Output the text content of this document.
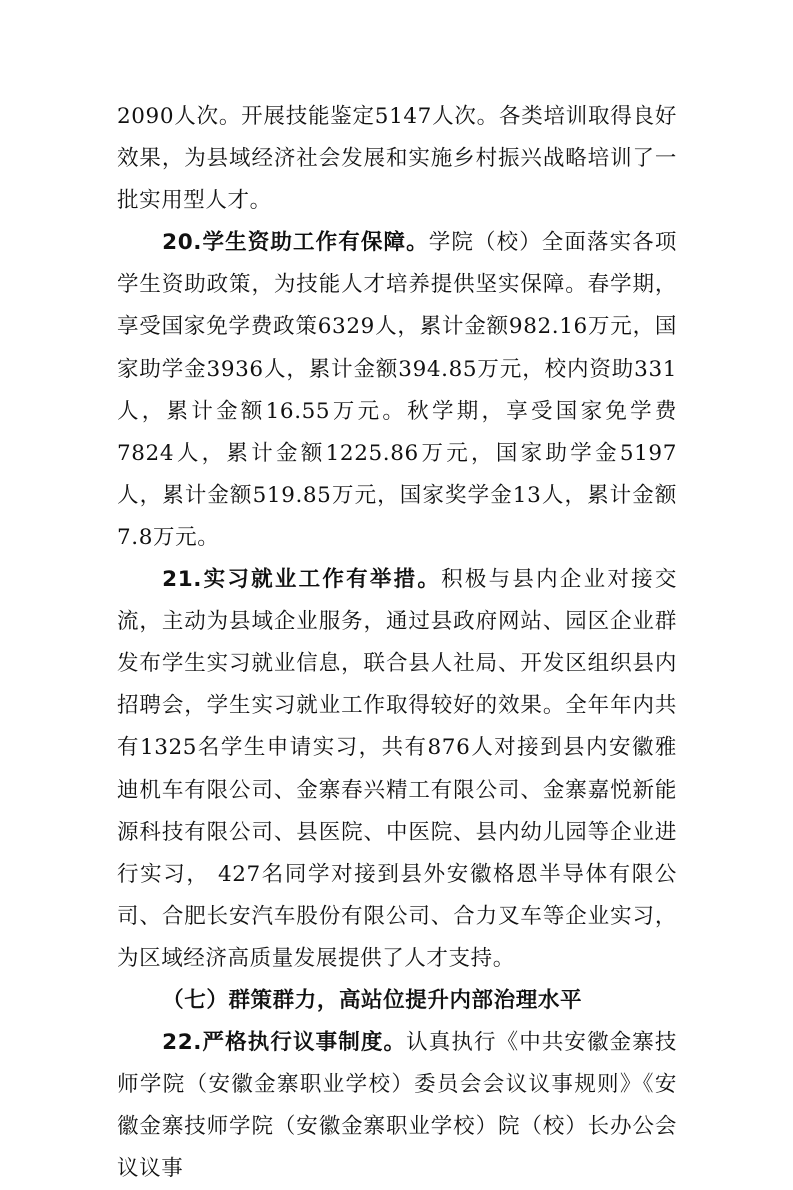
2090人次。开展技能鉴定5147人次。各类培训取得良好效果，为县域经济社会发展和实施乡村振兴战略培训了一批实用型人才。

20.学生资助工作有保障。学院（校）全面落实各项学生资助政策，为技能人才培养提供坚实保障。春学期，享受国家免学费政策6329人，累计金额982.16万元，国家助学金3936人，累计金额394.85万元，校内资助331人，累计金额16.55万元。秋学期，享受国家免学费7824人，累计金额1225.86万元，国家助学金5197人，累计金额519.85万元，国家奖学金13人，累计金额7.8万元。

21.实习就业工作有举措。积极与县内企业对接交流，主动为县域企业服务，通过县政府网站、园区企业群发布学生实习就业信息，联合县人社局、开发区组织县内招聘会，学生实习就业工作取得较好的效果。全年年内共有1325名学生申请实习，共有876人对接到县内安徽雅迪机车有限公司、金寨春兴精工有限公司、金寨嘉悦新能源科技有限公司、县医院、中医院、县内幼儿园等企业进行实习， 427名同学对接到县外安徽格恩半导体有限公司、合肥长安汽车股份有限公司、合力叉车等企业实习，为区域经济高质量发展提供了人才支持。

（七）群策群力，高站位提升内部治理水平

22.严格执行议事制度。认真执行《中共安徽金寨技师学院（安徽金寨职业学校）委员会会议议事规则》《安徽金寨技师学院（安徽金寨职业学校）院（校）长办公会议议事
